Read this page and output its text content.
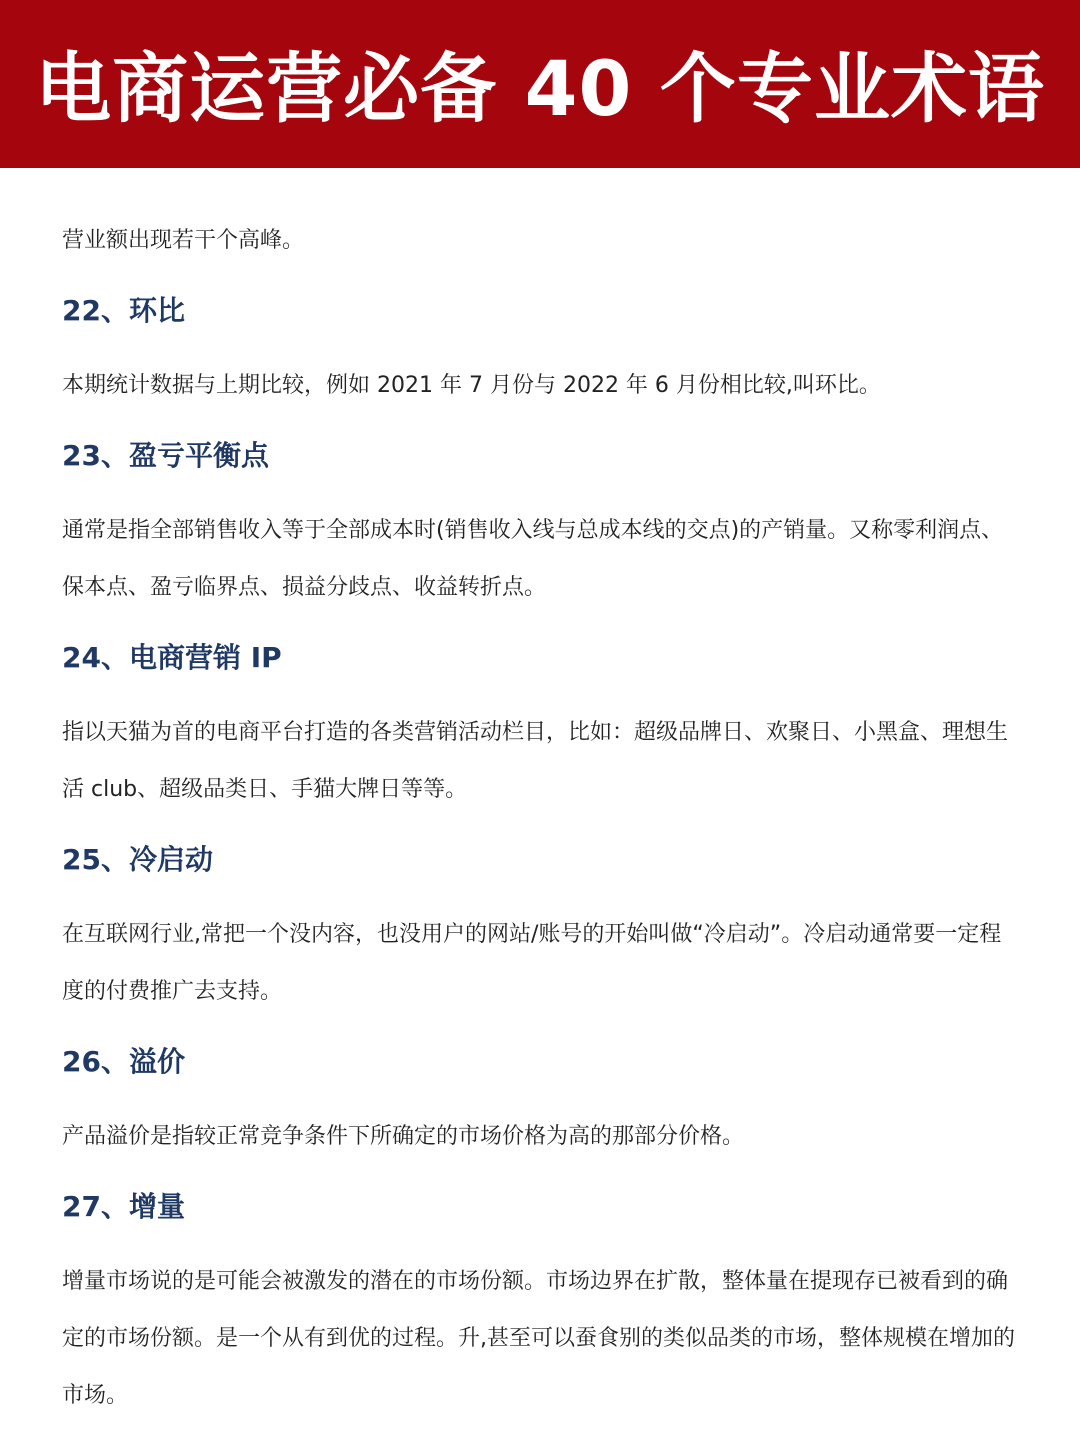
电商运营必备 40 个专业术语

营业额出现若干个高峰。

22、环比

本期统计数据与上期比较，例如 2021 年 7 月份与 2022 年 6 月份相比较,叫环比。

23、盈亏平衡点

通常是指全部销售收入等于全部成本时(销售收入线与总成本线的交点)的产销量。又称零利润点、保本点、盈亏临界点、损益分歧点、收益转折点。

24、电商营销 IP

指以天猫为首的电商平台打造的各类营销活动栏目，比如：超级品牌日、欢聚日、小黑盒、理想生活 club、超级品类日、手猫大牌日等等。

25、冷启动

在互联网行业,常把一个没内容，也没用户的网站/账号的开始叫做“冷启动”。冷启动通常要一定程度的付费推广去支持。

26、溢价

产品溢价是指较正常竞争条件下所确定的市场价格为高的那部分价格。

27、增量

增量市场说的是可能会被激发的潜在的市场份额。市场边界在扩散，整体量在提现存已被看到的确定的市场份额。是一个从有到优的过程。升,甚至可以蚕食别的类似品类的市场，整体规模在增加的市场。
